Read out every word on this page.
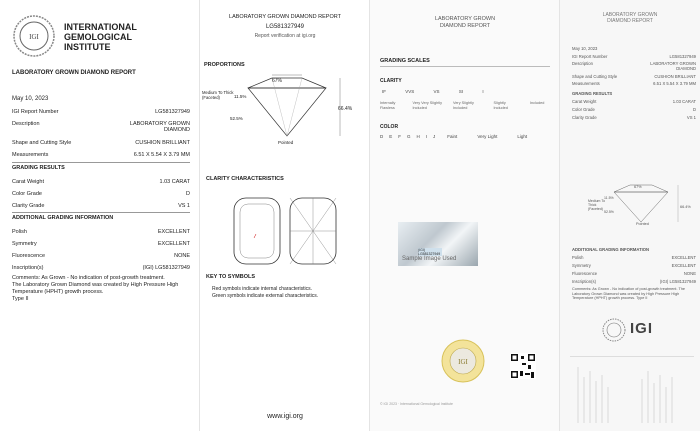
IGI
INTERNATIONAL
GEMOLOGICAL
INSTITUTE
LABORATORY GROWN DIAMOND REPORT
May 10, 2023
IGI Report Number	LG581327949
Description	LABORATORY GROWN
DIAMOND
Shape and Cutting Style	CUSHION BRILLIANT
Measurements	6.51 X 5.54 X 3.79 MM
GRADING RESULTS
Carat Weight	1.03 CARAT
Color Grade	D
Clarity Grade	VS 1
ADDITIONAL GRADING INFORMATION
Polish	EXCELLENT
Symmetry	EXCELLENT
Fluorescence	NONE
Inscription(s)	(IGI) LG581327949
Comments: As Grown - No indication of post-growth treatment.
The Laboratory Grown Diamond was created by High Pressure High Temperature (HPHT) growth process.
Type II
LABORATORY GROWN DIAMOND REPORT
LG581327949
Report verification at igi.org
PROPORTIONS
67%
66.4%
11.5%
52.5%
Medium To Thick (Faceted)
Pointed
CLARITY CHARACTERISTICS
KEY TO SYMBOLS
Red symbols indicate internal characteristics.
Green symbols indicate external characteristics.
www.igi.org
LABORATORY GROWN
DIAMOND REPORT
GRADING SCALES
CLARITY
IF	VVS	VS	SI	I
Internally Flawless
Very Very Slightly Included
Very Slightly Included
Slightly Included
Included
COLOR
D E F G H I J	Faint	Very Light	Light
(IGI) LG581327949
Sample Image Used
IGI
© IGI 2023 · International Gemological Institute
LABORATORY GROWN
DIAMOND REPORT
May 10, 2023
IGI Report Number	LG581327949
Description	LABORATORY GROWN DIAMOND
Shape and Cutting Style	CUSHION BRILLIANT
Measurements	6.51 X 5.54 X 3.79 MM
GRADING RESULTS
Carat Weight	1.03 CARAT
Color Grade	D
Clarity Grade	VS 1
67%
66.4%
Medium To Thick (Faceted)
11.5%
52.5%
Pointed
ADDITIONAL GRADING INFORMATION
Polish	EXCELLENT
Symmetry	EXCELLENT
Fluorescence	NONE
Inscription(s)	(IGI) LG581327949
Comments: As Grown - No indication of post-growth treatment. The Laboratory Grown Diamond was created by High Pressure High Temperature (HPHT) growth process. Type II
IGI
